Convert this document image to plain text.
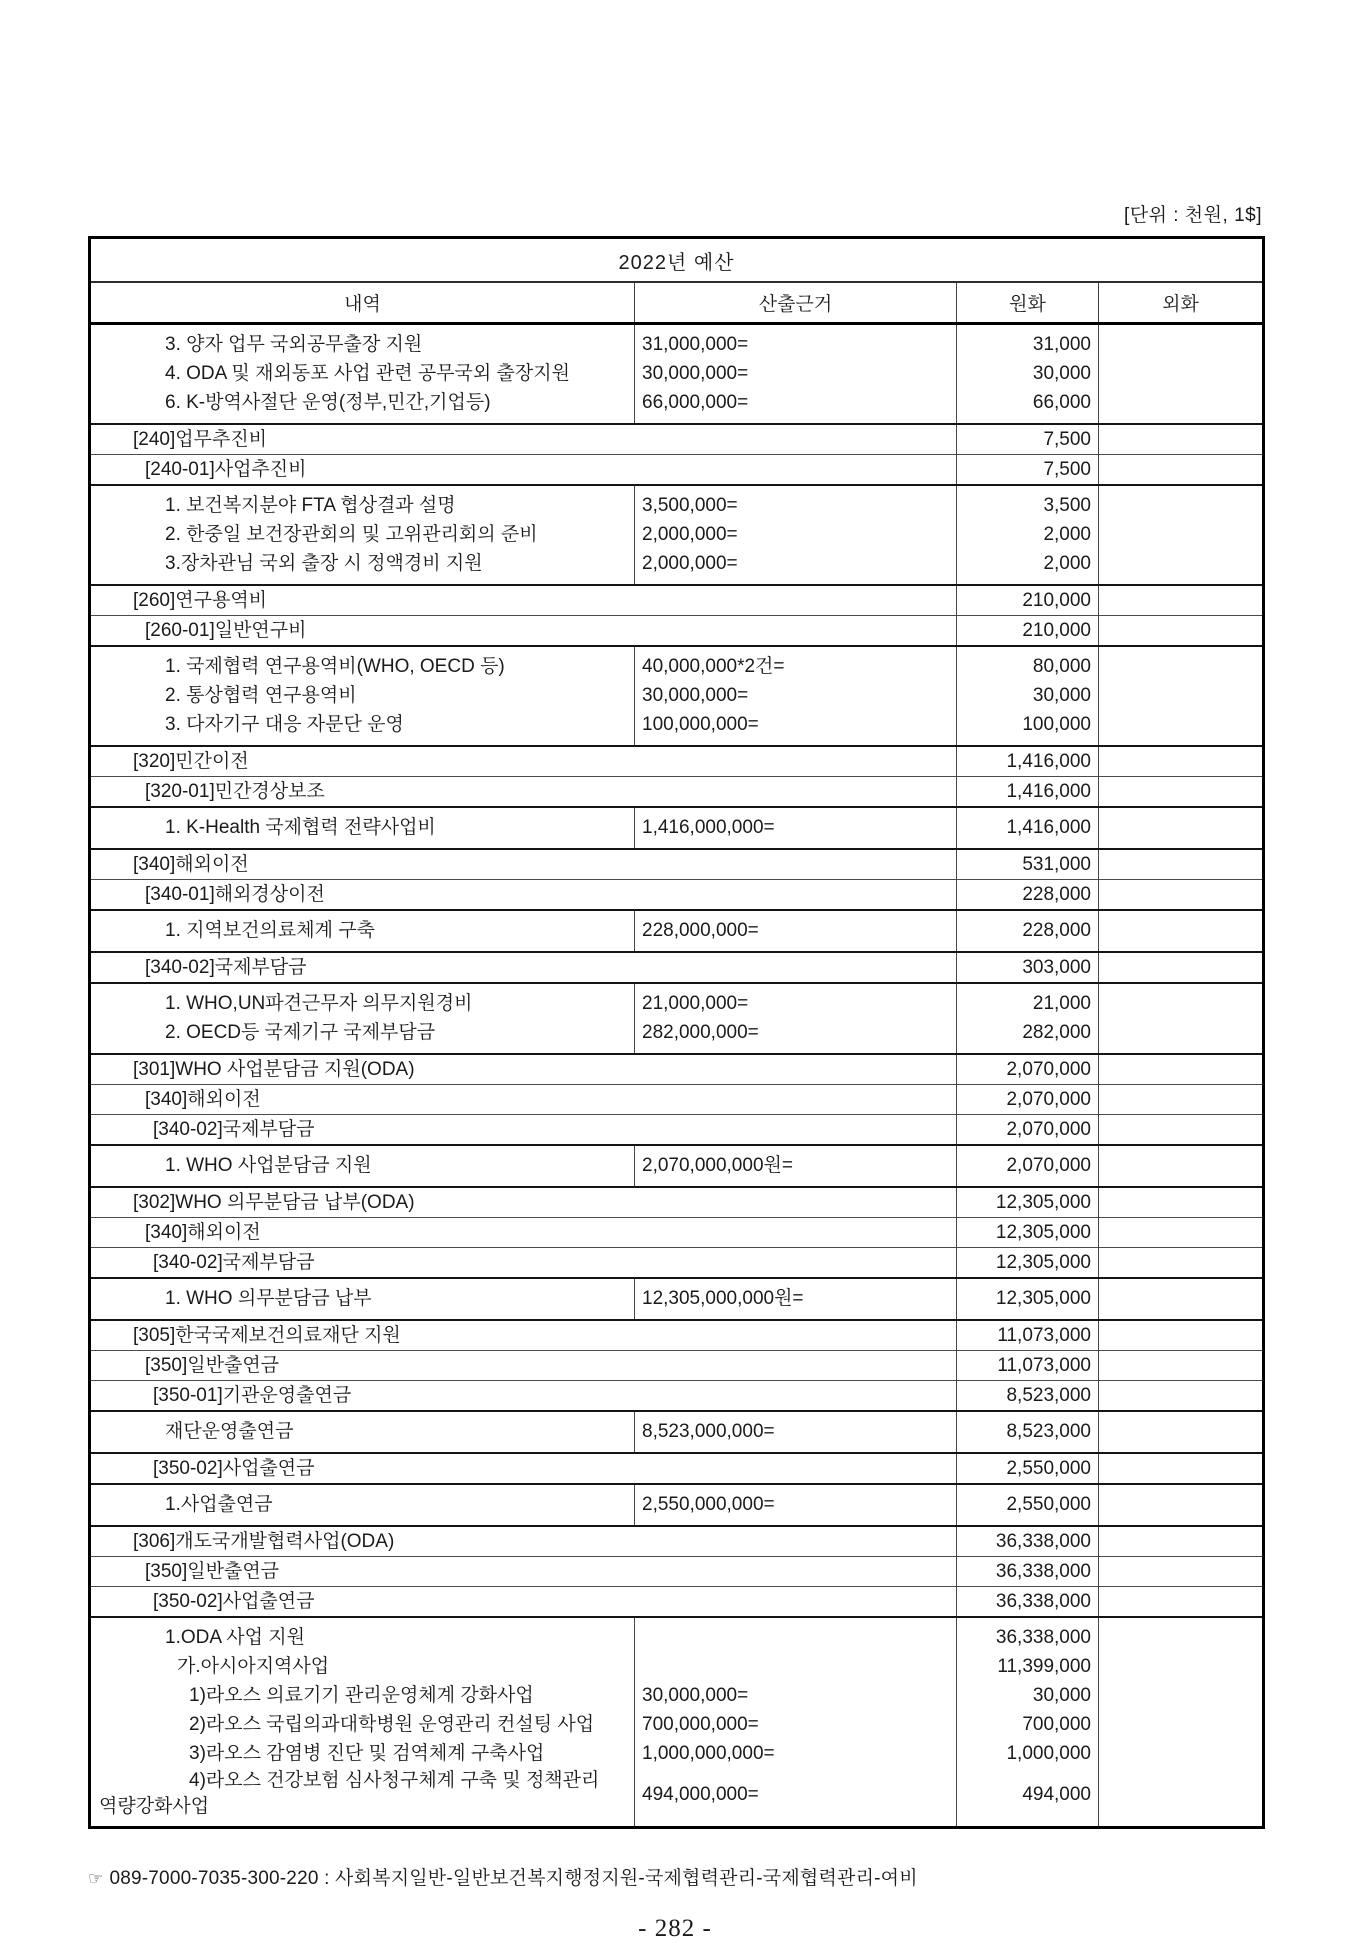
[단위 : 천원, 1$]
2022년 예산			
내역	산출근거	원화	외화
3. 양자 업무 국외공무출장 지원	31,000,000=	31,000	
4. ODA 및 재외동포 사업 관련 공무국외 출장지원	30,000,000=	30,000	
6. K-방역사절단 운영(정부,민간,기업등)	66,000,000=	66,000	
[240]업무추진비		7,500	
[240-01]사업추진비		7,500	
1. 보건복지분야 FTA 협상결과 설명	3,500,000=	3,500	
2. 한중일 보건장관회의 및 고위관리회의 준비	2,000,000=	2,000	
3.장차관님 국외 출장 시 정액경비 지원	2,000,000=	2,000	
[260]연구용역비		210,000	
[260-01]일반연구비		210,000	
1. 국제협력 연구용역비(WHO, OECD 등)	40,000,000*2건=	80,000	
2. 통상협력 연구용역비	30,000,000=	30,000	
3. 다자기구 대응 자문단 운영	100,000,000=	100,000	
[320]민간이전		1,416,000	
[320-01]민간경상보조		1,416,000	
1. K-Health 국제협력 전략사업비	1,416,000,000=	1,416,000	
[340]해외이전		531,000	
[340-01]해외경상이전		228,000	
1. 지역보건의료체계 구축	228,000,000=	228,000	
[340-02]국제부담금		303,000	
1. WHO,UN파견근무자 의무지원경비	21,000,000=	21,000	
2. OECD등 국제기구 국제부담금	282,000,000=	282,000	
[301]WHO 사업분담금 지원(ODA)		2,070,000	
[340]해외이전		2,070,000	
[340-02]국제부담금		2,070,000	
1. WHO 사업분담금 지원	2,070,000,000원=	2,070,000	
[302]WHO 의무분담금 납부(ODA)		12,305,000	
[340]해외이전		12,305,000	
[340-02]국제부담금		12,305,000	
1. WHO 의무분담금 납부	12,305,000,000원=	12,305,000	
[305]한국국제보건의료재단 지원		11,073,000	
[350]일반출연금		11,073,000	
[350-01]기관운영출연금		8,523,000	
재단운영출연금	8,523,000,000=	8,523,000	
[350-02]사업출연금		2,550,000	
1.사업출연금	2,550,000,000=	2,550,000	
[306]개도국개발협력사업(ODA)		36,338,000	
[350]일반출연금		36,338,000	
[350-02]사업출연금		36,338,000	
1.ODA 사업 지원		36,338,000	
가.아시아지역사업		11,399,000	
1)라오스 의료기기 관리운영체계 강화사업	30,000,000=	30,000	
2)라오스 국립의과대학병원 운영관리 컨설팅 사업	700,000,000=	700,000	
3)라오스 감염병 진단 및 검역체계 구축사업	1,000,000,000=	1,000,000	
4)라오스 건강보험 심사청구체계 구축 및 정책관리 역량강화사업	494,000,000=	494,000	
☞ 089-7000-7035-300-220 : 사회복지일반-일반보건복지행정지원-국제협력관리-국제협력관리-여비
- 282 -
